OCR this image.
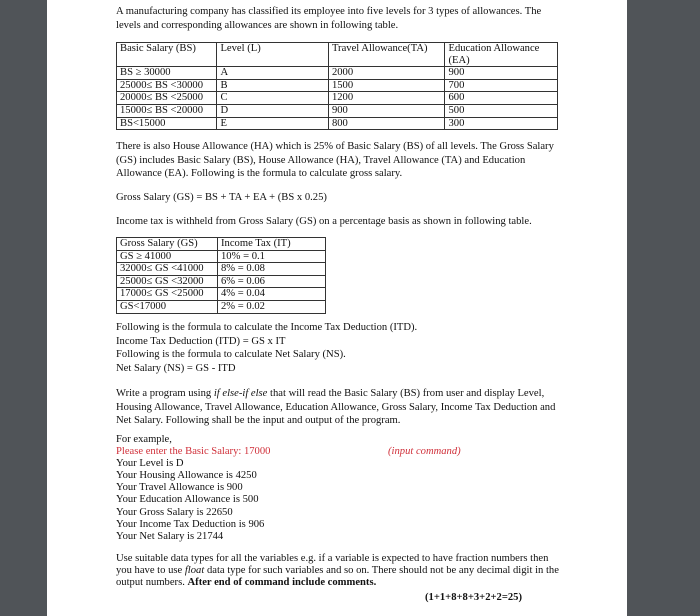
A manufacturing company has classified its employee into five levels for 3 types of allowances. The

levels and corresponding allowances are shown in following table.

Basic Salary (BS)	Level (L)	Travel Allowance(TA)	Education Allowance (EA)
BS ≥ 30000	A	2000	900
25000≤ BS <30000	B	1500	700
20000≤ BS <25000	C	1200	600
15000≤ BS <20000	D	900	500
BS<15000	E	800	300

There is also House Allowance (HA) which is 25% of Basic Salary (BS) of all levels. The Gross Salary

(GS) includes Basic Salary (BS), House Allowance (HA), Travel Allowance (TA) and Education

Allowance (EA). Following is the formula to calculate gross salary.

Gross Salary (GS) = BS + TA + EA + (BS x 0.25)
Income tax is withheld from Gross Salary (GS) on a percentage basis as shown in following table.
Gross Salary (GS)	Income Tax (IT)
GS ≥ 41000	10% = 0.1
32000≤ GS <41000	8% = 0.08
25000≤ GS <32000	6% = 0.06
17000≤ GS <25000	4% = 0.04
GS<17000	2% = 0.02

Following is the formula to calculate the Income Tax Deduction (ITD).

Income Tax Deduction (ITD) = GS x IT

Following is the formula to calculate Net Salary (NS).

Net Salary (NS) = GS - ITD

Write a program using if else-if else that will read the Basic Salary (BS) from user and display Level,

Housing Allowance, Travel Allowance, Education Allowance, Gross Salary, Income Tax Deduction and

Net Salary. Following shall be the input and output of the program.

For example,

Please enter the Basic Salary: 17000	(input command)

Your Level is D

Your Housing Allowance is 4250

Your Travel Allowance is 900

Your Education Allowance is 500

Your Gross Salary is 22650

Your Income Tax Deduction is 906

Your Net Salary is 21744

Use suitable data types for all the variables e.g. if a variable is expected to have fraction numbers then

you have to use float data type for such variables and so on. There should not be any decimal digit in the

output numbers. After end of command include comments.

(1+1+8+8+3+2+2=25)
